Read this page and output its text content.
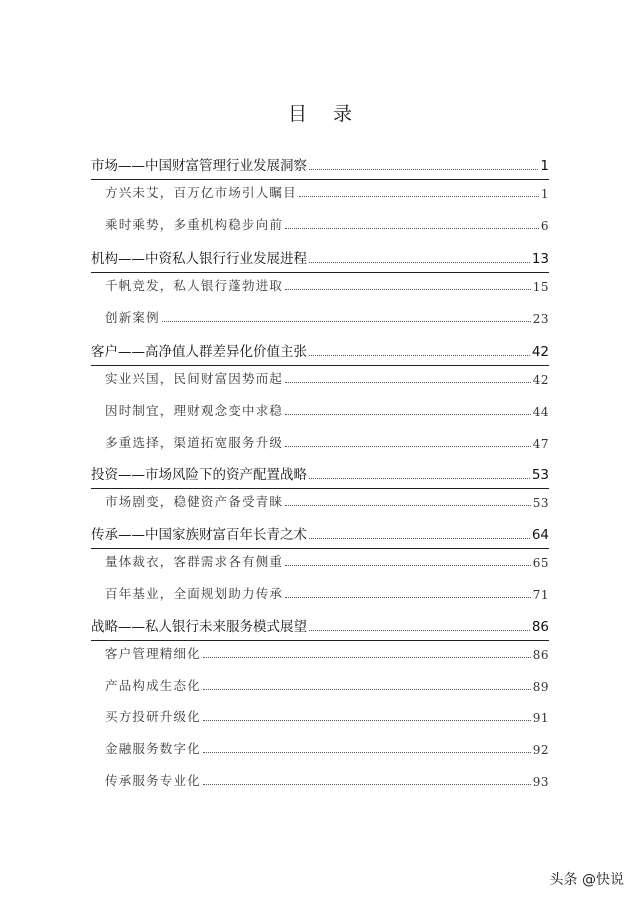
目 录
市场——中国财富管理行业发展洞察	1
方兴未艾，百万亿市场引人瞩目	1
乘时乘势，多重机构稳步向前	6
机构——中资私人银行行业发展进程	13
千帆竞发，私人银行蓬勃进取	15
创新案例	23
客户——高净值人群差异化价值主张	42
实业兴国，民间财富因势而起	42
因时制宜，理财观念变中求稳	44
多重选择，渠道拓宽服务升级	47
投资——市场风险下的资产配置战略	53
市场剧变，稳健资产备受青睐	53
传承——中国家族财富百年长青之术	64
量体裁衣，客群需求各有侧重	65
百年基业，全面规划助力传承	71
战略——私人银行未来服务模式展望	86
客户管理精细化	86
产品构成生态化	89
买方投研升级化	91
金融服务数字化	92
传承服务专业化	93
头条 @快说
